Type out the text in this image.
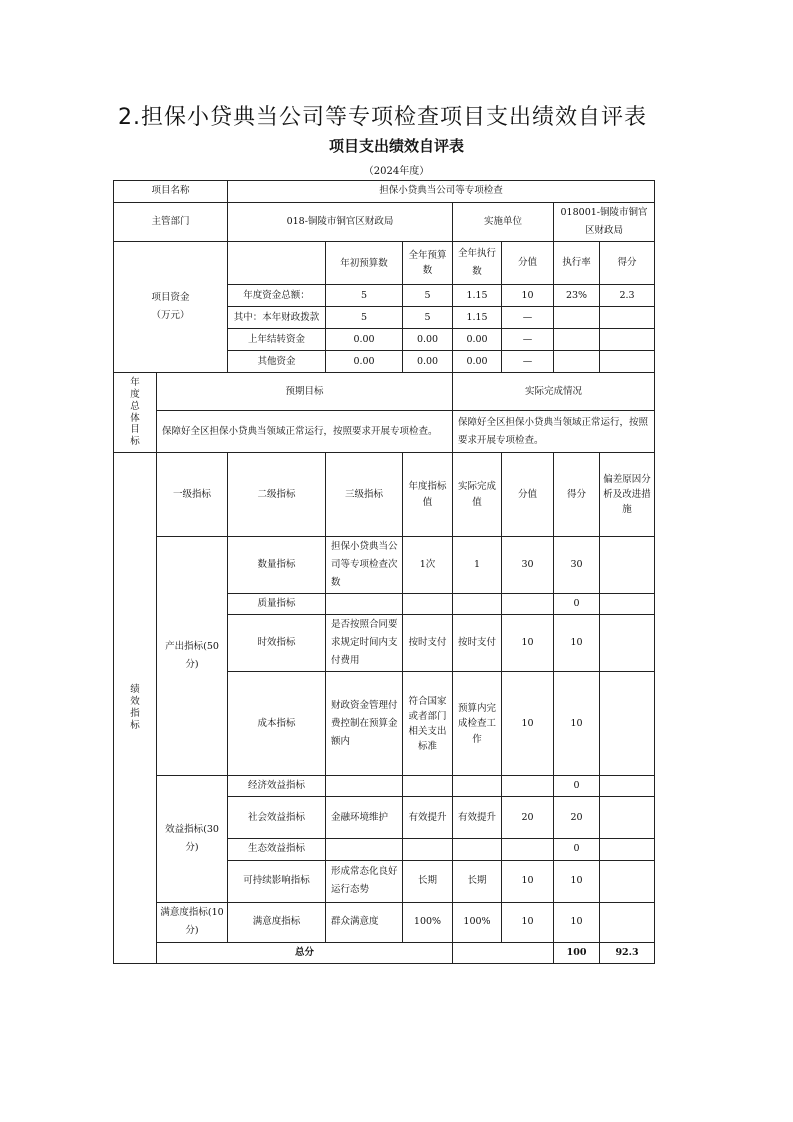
2.担保小贷典当公司等专项检查项目支出绩效自评表
项目支出绩效自评表
（2024年度）
项目名称		担保小贷典当公司等专项检查							
主管部门		018-铜陵市铜官区财政局			实施单位		018001-铜陵市铜官区财政局		

项目资金
（万元）			年初预算数	全年预算数	全年执行数	分值	执行率	得分	
		年度资金总额：	5	5	1.15	10	23%	2.3	
		其中：本年财政拨款	5	5	1.15	—			
		上年结转资金	0.00	0.00	0.00	—			
		其他资金	0.00	0.00	0.00	—			

年度总体目标	预期目标				实际完成情况				
	保障好全区担保小贷典当领域正常运行，按照要求开展专项检查。				保障好全区担保小贷典当领域正常运行，按照要求开展专项检查。				

绩效指标	一级指标	二级指标	三级指标	年度指标值	实际完成值	分值	得分	偏差原因分析及改进措施	
	产出指标(50分)	数量指标	担保小贷典当公司等专项检查次数	1次	1	30	30		
		质量指标					0		
		时效指标	是否按照合同要求规定时间内支付费用	按时支付	按时支付	10	10		
		成本指标	财政资金管理付费控制在预算金额内	符合国家或者部门相关支出标准	预算内完成检查工作	10	10		
	效益指标(30分)	经济效益指标					0		
		社会效益指标	金融环境维护	有效提升	有效提升	20	20		
		生态效益指标					0		
		可持续影响指标	形成常态化良好运行态势	长期	长期	10	10		
	满意度指标(10分)	满意度指标	群众满意度	100%	100%	10	10		
	总分						100	92.3	
